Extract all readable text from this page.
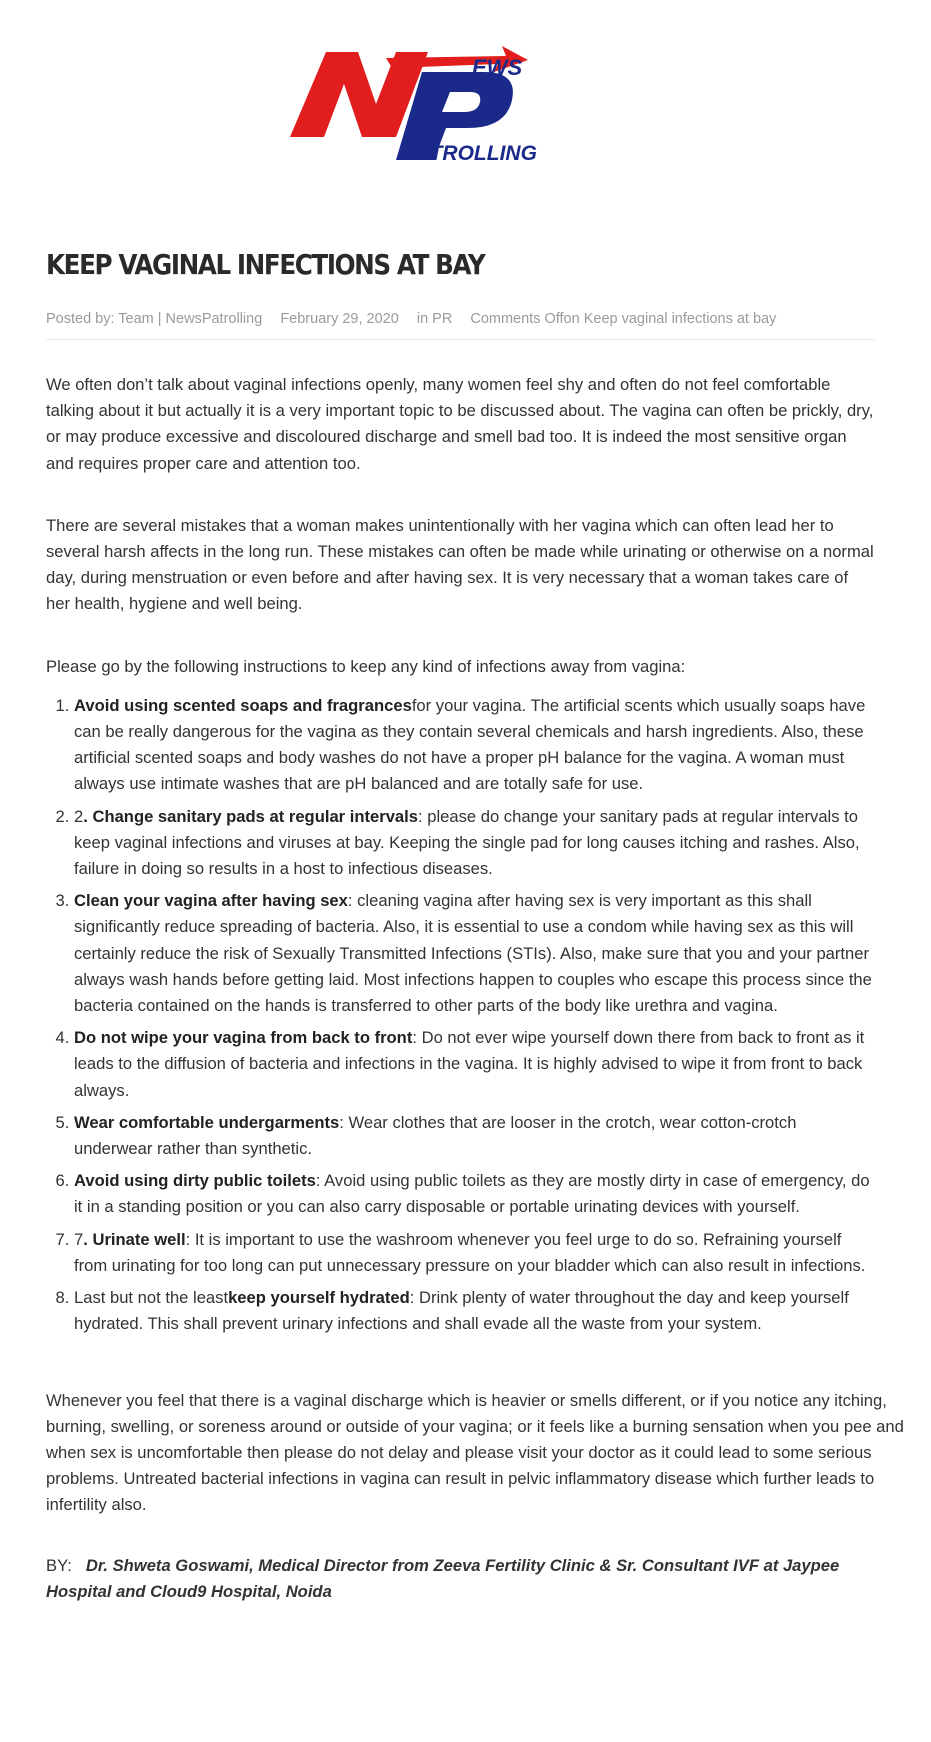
EWS
ATROLLING
KEEP VAGINAL INFECTIONS AT BAY
Posted by: Team | NewsPatrolling February 29, 2020 in PR Comments Offon Keep vaginal infections at bay

We often don’t talk about vaginal infections openly, many women feel shy and often do not feel comfortable talking about it but actually it is a very important topic to be discussed about. The vagina can often be prickly, dry, or may produce excessive and discoloured discharge and smell bad too. It is indeed the most sensitive organ and requires proper care and attention too.

There are several mistakes that a woman makes unintentionally with her vagina which can often lead her to several harsh affects in the long run. These mistakes can often be made while urinating or otherwise on a normal day, during menstruation or even before and after having sex. It is very necessary that a woman takes care of her health, hygiene and well being.

Please go by the following instructions to keep any kind of infections away from vagina:

1. Avoid using scented soaps and fragrancesfor your vagina. The artificial scents which usually soaps have can be really dangerous for the vagina as they contain several chemicals and harsh ingredients. Also, these artificial scented soaps and body washes do not have a proper pH balance for the vagina. A woman must always use intimate washes that are pH balanced and are totally safe for use.
2. 2. Change sanitary pads at regular intervals: please do change your sanitary pads at regular intervals to keep vaginal infections and viruses at bay. Keeping the single pad for long causes itching and rashes. Also, failure in doing so results in a host to infectious diseases.
3. Clean your vagina after having sex: cleaning vagina after having sex is very important as this shall significantly reduce spreading of bacteria. Also, it is essential to use a condom while having sex as this will certainly reduce the risk of Sexually Transmitted Infections (STIs). Also, make sure that you and your partner always wash hands before getting laid. Most infections happen to couples who escape this process since the bacteria contained on the hands is transferred to other parts of the body like urethra and vagina.
4. Do not wipe your vagina from back to front: Do not ever wipe yourself down there from back to front as it leads to the diffusion of bacteria and infections in the vagina. It is highly advised to wipe it from front to back always.
5. Wear comfortable undergarments: Wear clothes that are looser in the crotch, wear cotton-crotch underwear rather than synthetic.
6. Avoid using dirty public toilets: Avoid using public toilets as they are mostly dirty in case of emergency, do it in a standing position or you can also carry disposable or portable urinating devices with yourself.
7. 7. Urinate well: It is important to use the washroom whenever you feel urge to do so. Refraining yourself from urinating for too long can put unnecessary pressure on your bladder which can also result in infections.
8. Last but not the leastkeep yourself hydrated: Drink plenty of water throughout the day and keep yourself hydrated. This shall prevent urinary infections and shall evade all the waste from your system.

Whenever you feel that there is a vaginal discharge which is heavier or smells different, or if you notice any itching, burning, swelling, or soreness around or outside of your vagina; or it feels like a burning sensation when you pee and when sex is uncomfortable then please do not delay and please visit your doctor as it could lead to some serious problems. Untreated bacterial infections in vagina can result in pelvic inflammatory disease which further leads to infertility also.

BY: Dr. Shweta Goswami, Medical Director from Zeeva Fertility Clinic & Sr. Consultant IVF at Jaypee Hospital and Cloud9 Hospital, Noida
